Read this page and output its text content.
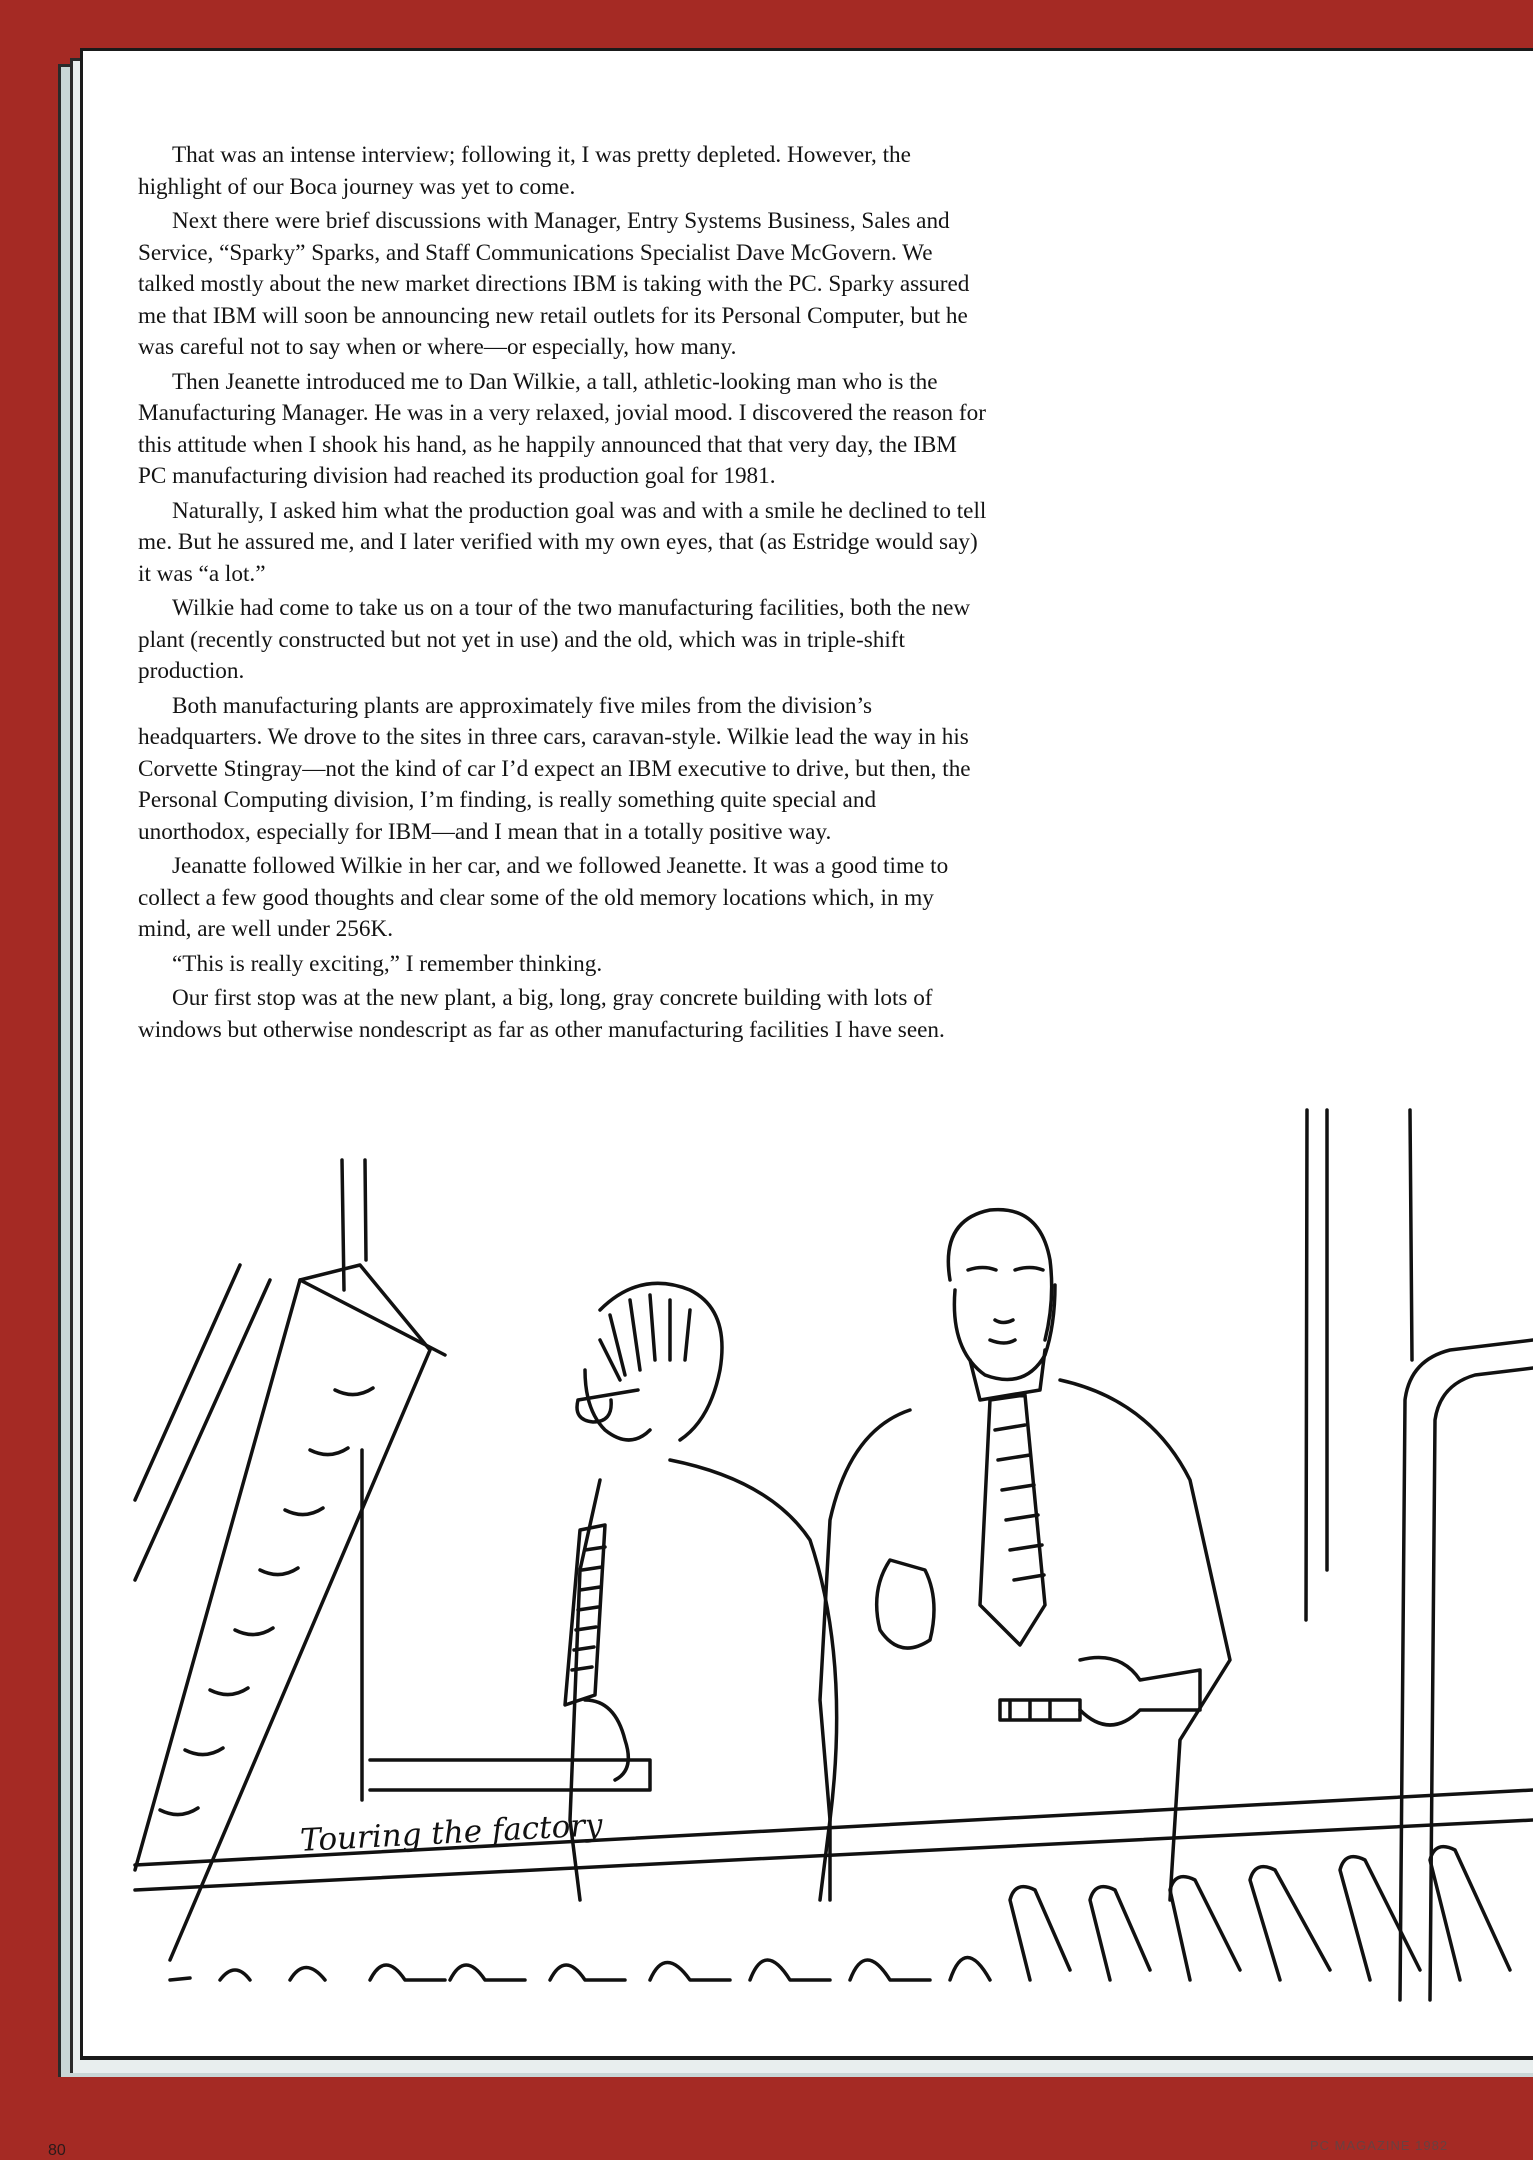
That was an intense interview; following it, I was pretty depleted. However, the highlight of our Boca journey was yet to come.

Next there were brief discussions with Manager, Entry Systems Business, Sales and Service, “Sparky” Sparks, and Staff Communications Specialist Dave McGovern. We talked mostly about the new market directions IBM is taking with the PC. Sparky assured me that IBM will soon be announcing new retail outlets for its Personal Computer, but he was careful not to say when or where—or especially, how many.

Then Jeanette introduced me to Dan Wilkie, a tall, athletic-looking man who is the Manufacturing Manager. He was in a very relaxed, jovial mood. I discovered the reason for this attitude when I shook his hand, as he happily announced that that very day, the IBM PC manufacturing division had reached its production goal for 1981.

Naturally, I asked him what the production goal was and with a smile he declined to tell me. But he assured me, and I later verified with my own eyes, that (as Estridge would say) it was “a lot.”

Wilkie had come to take us on a tour of the two manufacturing facilities, both the new plant (recently constructed but not yet in use) and the old, which was in triple-shift production.

Both manufacturing plants are approximately five miles from the division’s headquarters. We drove to the sites in three cars, caravan-style. Wilkie lead the way in his Corvette Stingray—not the kind of car I’d expect an IBM executive to drive, but then, the Personal Computing division, I’m finding, is really something quite special and unorthodox, especially for IBM—and I mean that in a totally positive way.

Jeanatte followed Wilkie in her car, and we followed Jeanette. It was a good time to collect a few good thoughts and clear some of the old memory locations which, in my mind, are well under 256K.

“This is really exciting,” I remember thinking.

Our first stop was at the new plant, a big, long, gray concrete building with lots of windows but otherwise nondescript as far as other manufacturing facilities I have seen.

Touring the factory
80	PC MAGAZINE 1982
